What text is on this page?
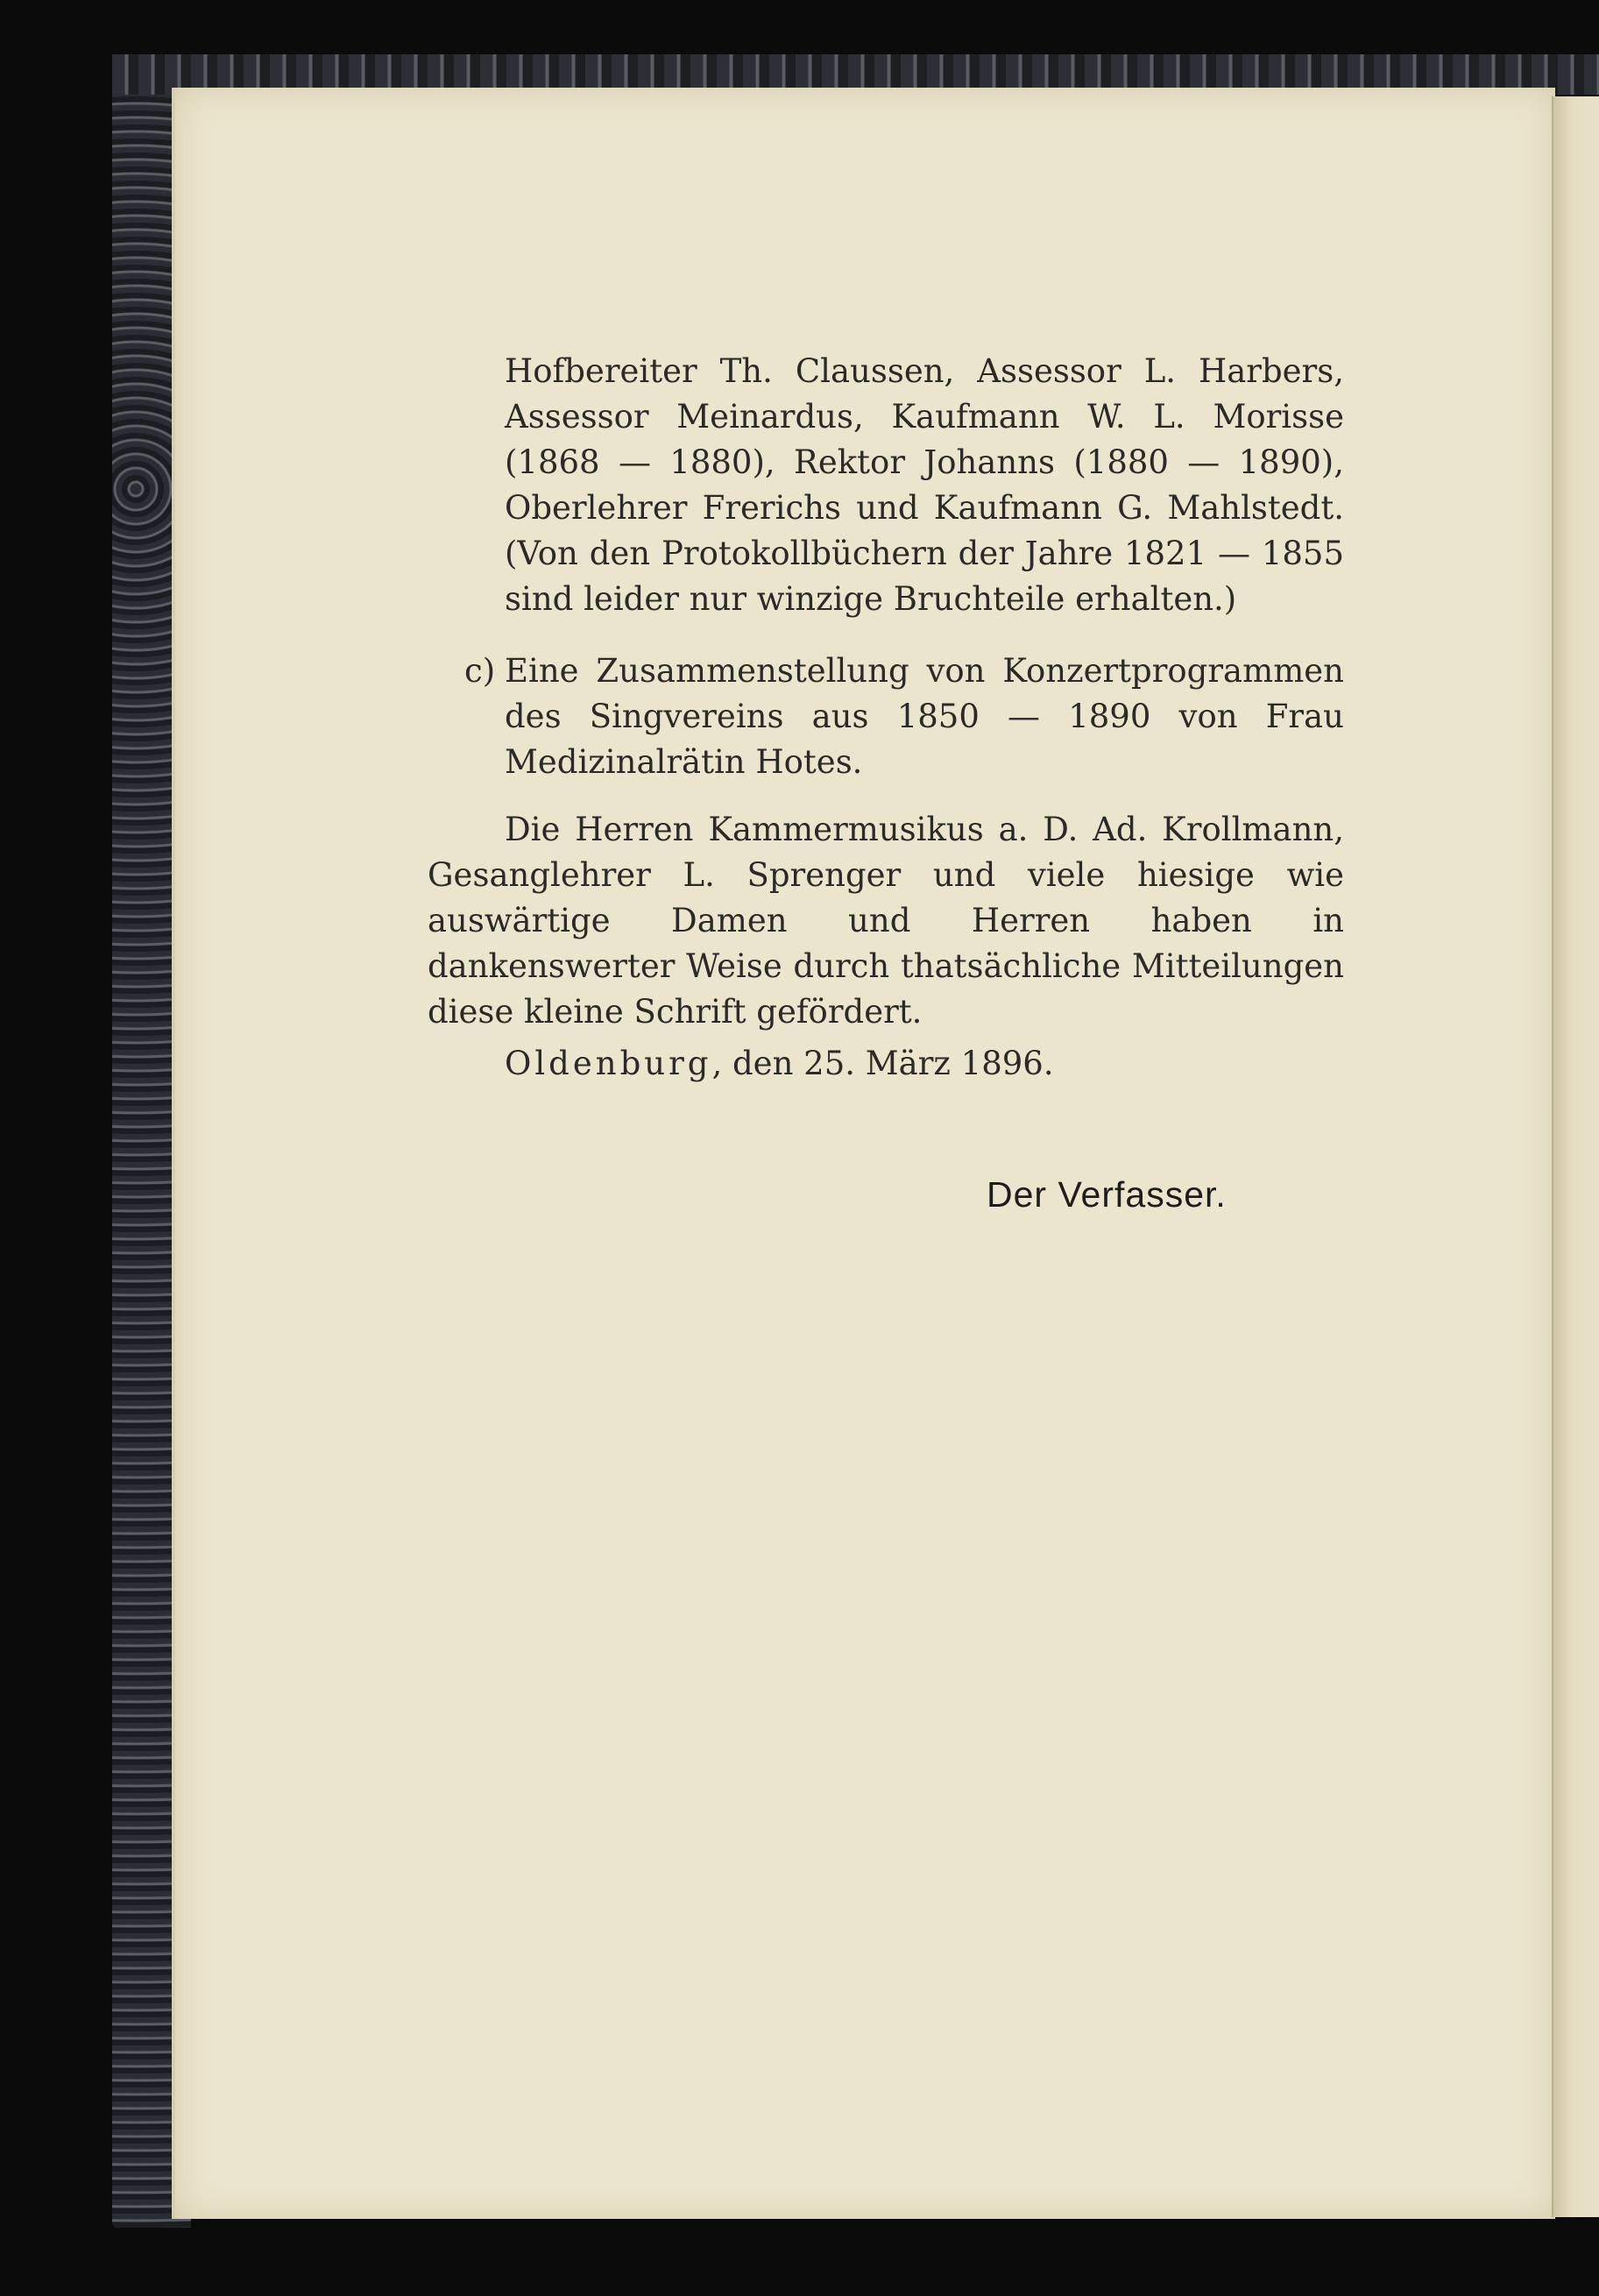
Hofbereiter Th. Claussen, Assessor L. Harbers, Assessor Meinardus, Kaufmann W. L. Morisse (1868 — 1880), Rektor Johanns (1880 — 1890), Oberlehrer Frerichs und Kaufmann G. Mahlstedt. (Von den Protokollbüchern der Jahre 1821 — 1855 sind leider nur winzige Bruchteile erhalten.)

c) Eine Zusammenstellung von Konzertprogrammen des Singvereins aus 1850 — 1890 von Frau Medizinalrätin Hotes.

Die Herren Kammermusikus a. D. Ad. Krollmann, Gesanglehrer L. Sprenger und viele hiesige wie auswärtige Damen und Herren haben in dankenswerter Weise durch thatsächliche Mitteilungen diese kleine Schrift gefördert.

Oldenburg, den 25. März 1896.
Der Verfasser.
